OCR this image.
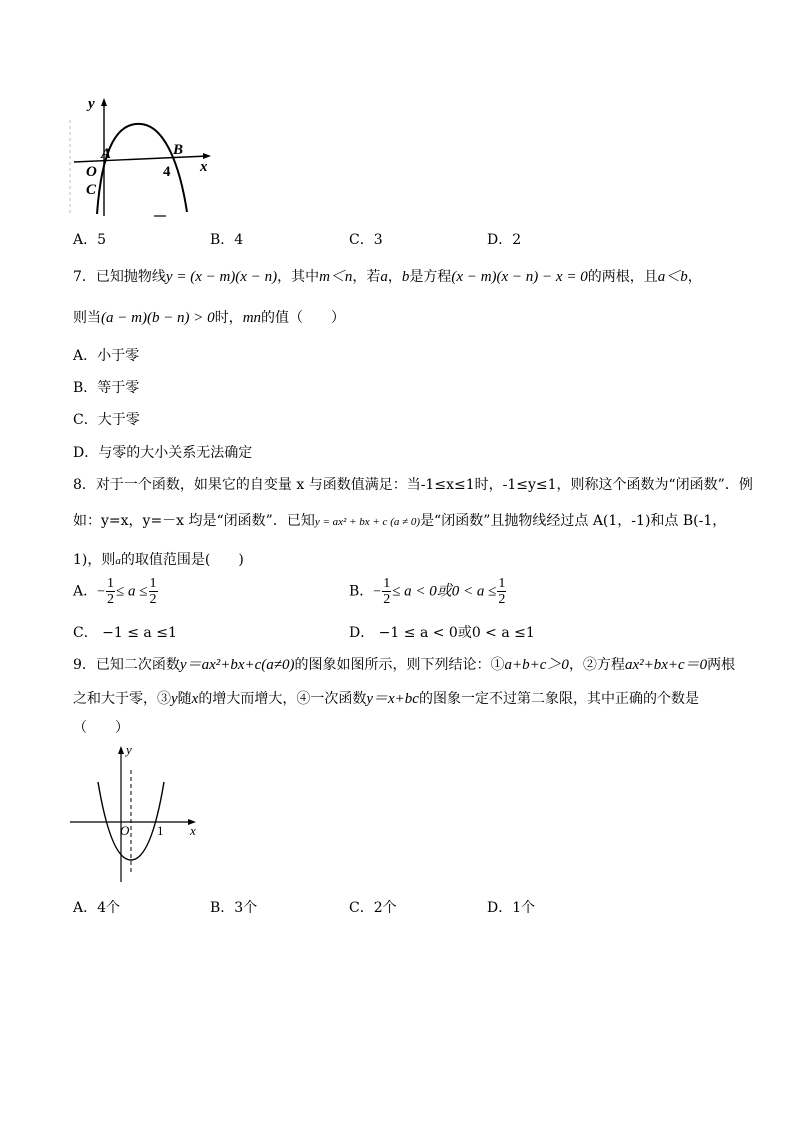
y
A	B
x
O	4
C
A．5	B．4	C．3	D．2
7．已知抛物线y = (x − m)(x − n)，其中m＜n，若a，b是方程(x − m)(x − n) − x = 0的两根，且a＜b，
则当(a − m)(b − n) > 0时，mn的值（　　）
A．小于零
B．等于零
C．大于零
D．与零的大小关系无法确定
8．对于一个函数，如果它的自变量 x 与函数值满足：当-1≤x≤1时，-1≤y≤1，则称这个函数为“闭函数”．例
如：y=x，y=－x 均是“闭函数”．已知y = ax² + bx + c (a ≠ 0)是“闭函数”且抛物线经过点 A(1，-1)和点 B(-1，
1)，则a的取值范围是(　　)
A．− $\frac{1}{2} \le a \le \frac{1}{2}$	B．− $\frac{1}{2} \le a < 0$或$0 < a \le \frac{1}{2}$
C． −1 ≤ a ≤1	D． −1 ≤ a < 0或0 < a ≤1
9．已知二次函数y＝ax²+bx+c(a≠0)的图象如图所示，则下列结论：①a+b+c＞0，②方程ax²+bx+c＝0两根
之和大于零，③y随x的增大而增大，④一次函数y＝x+bc的图象一定不过第二象限，其中正确的个数是
（　　）
y
O 1 x
A．4个	B．3个	C．2个	D．1个
